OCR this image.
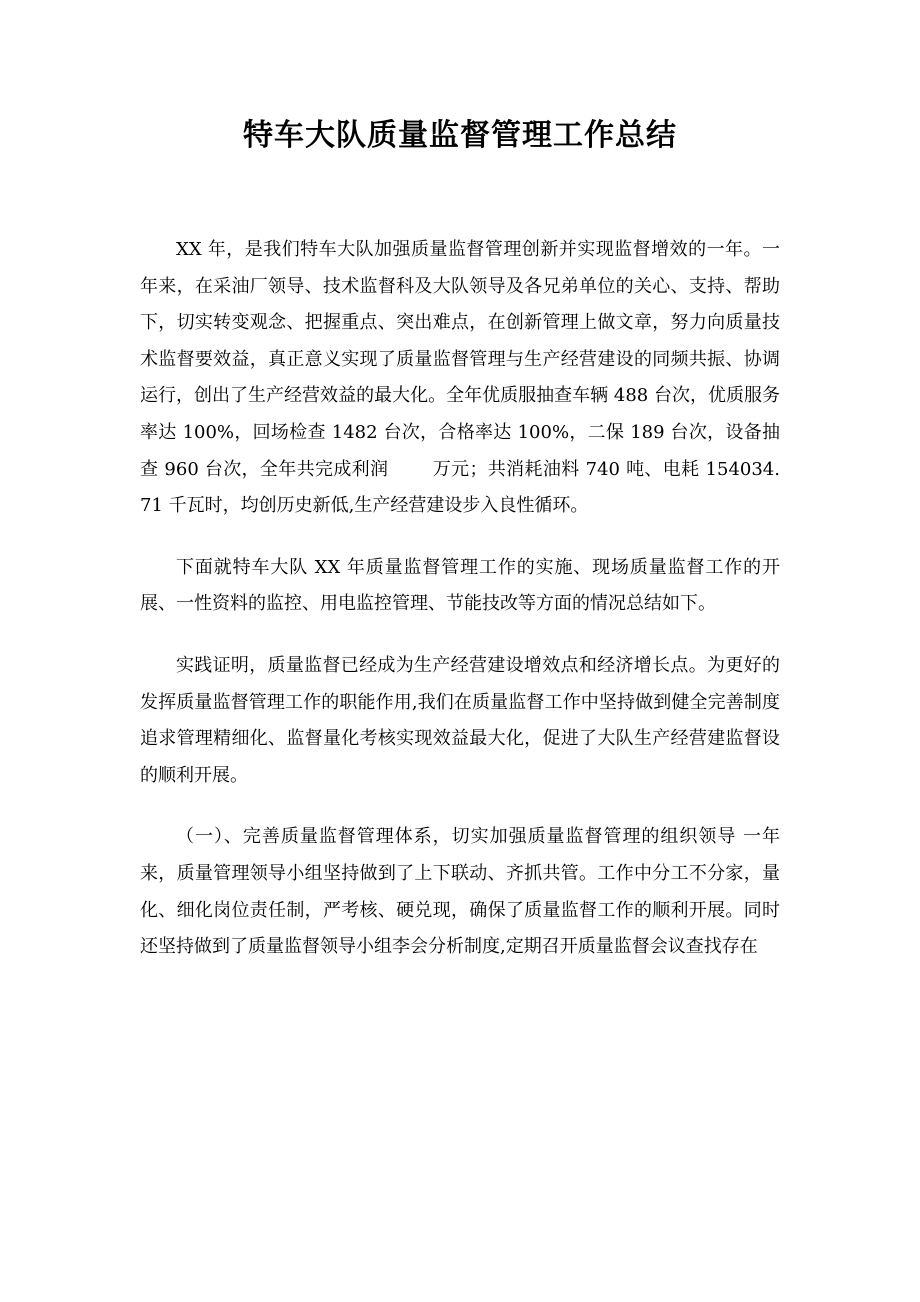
特车大队质量监督管理工作总结

XX 年，是我们特车大队加强质量监督管理创新并实现监督增效的一年。一年来，在采油厂领导、技术监督科及大队领导及各兄弟单位的关心、支持、帮助下，切实转变观念、把握重点、突出难点，在创新管理上做文章，努力向质量技术监督要效益，真正意义实现了质量监督管理与生产经营建设的同频共振、协调运行，创出了生产经营效益的最大化。全年优质服抽查车辆 488 台次，优质服务率达 100%，回场检查 1482 台次，合格率达 100%，二保 189 台次，设备抽查 960 台次，全年共完成利润 万元；共消耗油料 740 吨、电耗 154034.71 千瓦时，均创历史新低,生产经营建设步入良性循环。

下面就特车大队 XX 年质量监督管理工作的实施、现场质量监督工作的开展、一性资料的监控、用电监控管理、节能技改等方面的情况总结如下。

实践证明，质量监督已经成为生产经营建设增效点和经济增长点。为更好的发挥质量监督管理工作的职能作用,我们在质量监督工作中坚持做到健全完善制度追求管理精细化、监督量化考核实现效益最大化，促进了大队生产经营建监督设的顺利开展。

（一）、完善质量监督管理体系，切实加强质量监督管理的组织领导 一年来，质量管理领导小组坚持做到了上下联动、齐抓共管。工作中分工不分家，量化、细化岗位责任制，严考核、硬兑现，确保了质量监督工作的顺利开展。同时还坚持做到了质量监督领导小组李会分析制度,定期召开质量监督会议查找存在
